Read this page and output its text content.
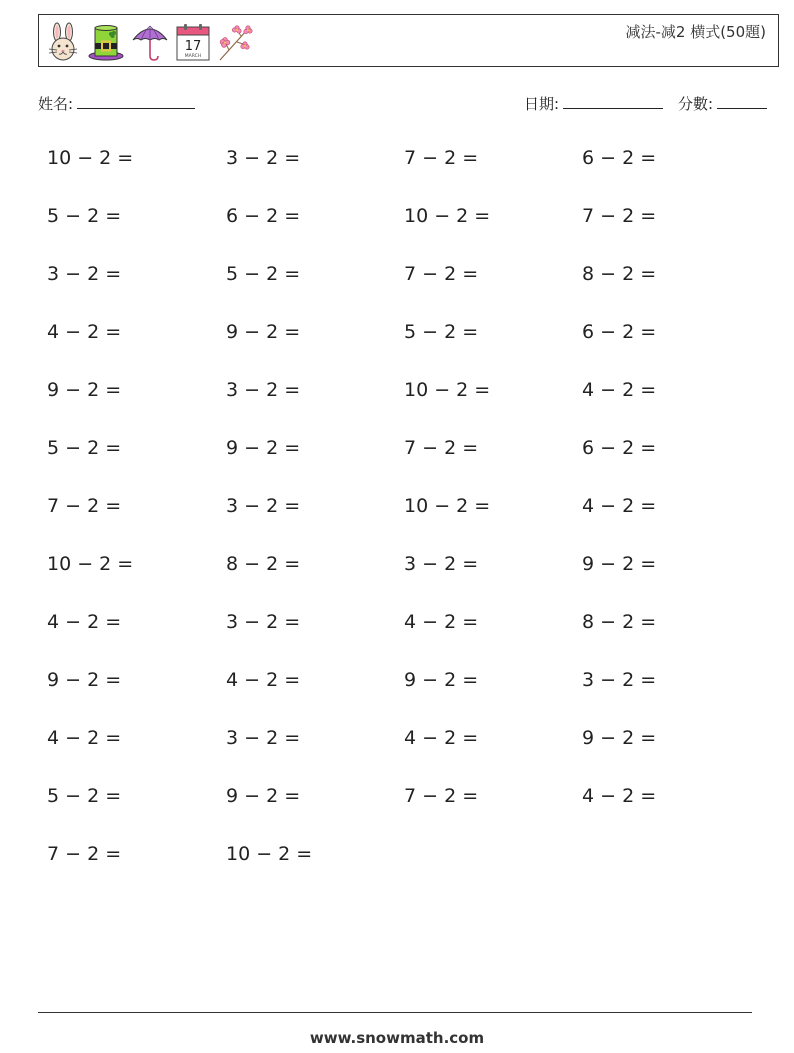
17
MARCH
减法-减2 横式(50題)
姓名:	日期:	分數:
10 − 2 =	3 − 2 =	7 − 2 =	6 − 2 =
5 − 2 =	6 − 2 =	10 − 2 =	7 − 2 =
3 − 2 =	5 − 2 =	7 − 2 =	8 − 2 =
4 − 2 =	9 − 2 =	5 − 2 =	6 − 2 =
9 − 2 =	3 − 2 =	10 − 2 =	4 − 2 =
5 − 2 =	9 − 2 =	7 − 2 =	6 − 2 =
7 − 2 =	3 − 2 =	10 − 2 =	4 − 2 =
10 − 2 =	8 − 2 =	3 − 2 =	9 − 2 =
4 − 2 =	3 − 2 =	4 − 2 =	8 − 2 =
9 − 2 =	4 − 2 =	9 − 2 =	3 − 2 =
4 − 2 =	3 − 2 =	4 − 2 =	9 − 2 =
5 − 2 =	9 − 2 =	7 − 2 =	4 − 2 =
7 − 2 =	10 − 2 =
www.snowmath.com
